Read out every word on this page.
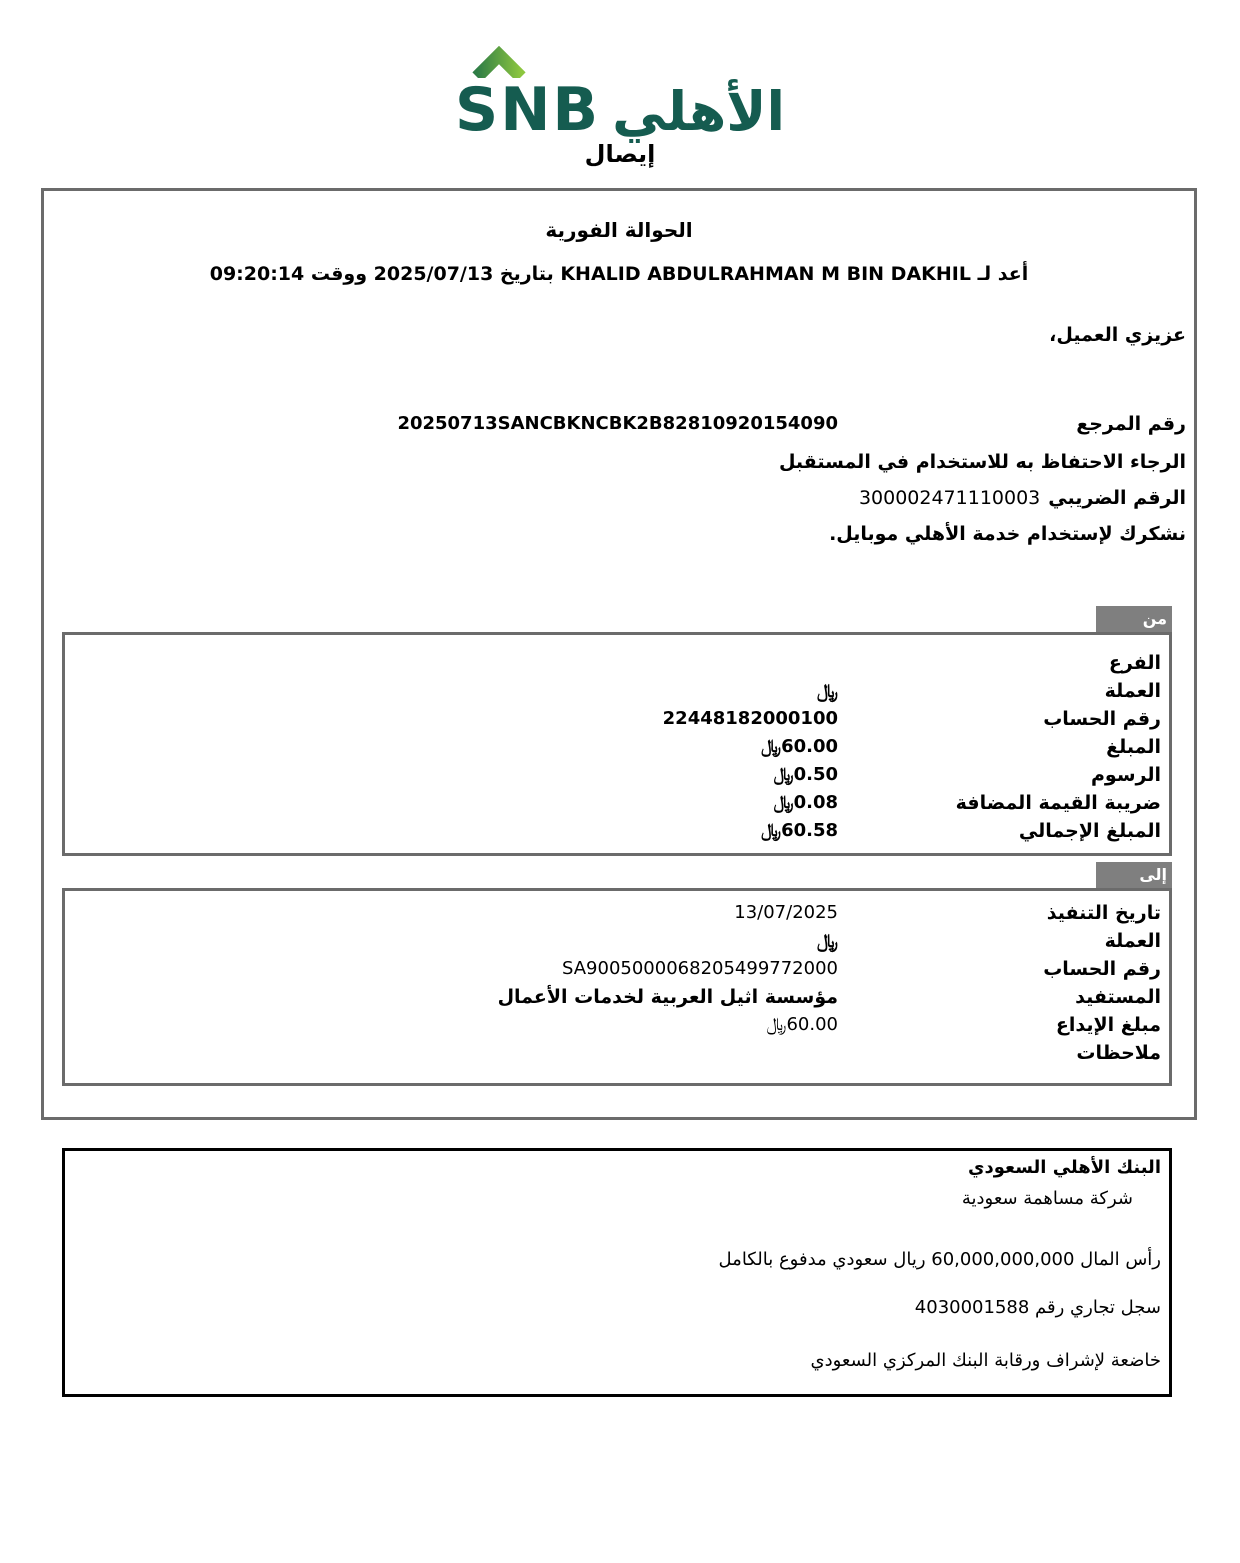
SNB الأهلي
إيصال
الحوالة الفورية
أعد لـ KHALID ABDULRAHMAN M BIN DAKHIL بتاريخ 2025/07/13 ووقت 09:20:14
عزيزي العميل،
رقم المرجع
20250713SANCBKNCBK2B82810920154090
الرجاء الاحتفاظ به للاستخدام في المستقبل
الرقم الضريبي
300002471110003
نشكرك لإستخدام خدمة الأهلي موبايل.
من
الفرع
العملة
﷼
رقم الحساب
22448182000100
المبلغ
60.00﷼
الرسوم
0.50﷼
ضريبة القيمة المضافة
0.08﷼
المبلغ الإجمالي
60.58﷼
إلى
تاريخ التنفيذ
13/07/2025
العملة
﷼
رقم الحساب
SA9005000068205499772000
المستفيد
مؤسسة اثيل العربية لخدمات الأعمال
مبلغ الإيداع
60.00﷼
ملاحظات
البنك الأهلي السعودي
شركة مساهمة سعودية
رأس المال 60,000,000,000 ريال سعودي مدفوع بالكامل
سجل تجاري رقم 4030001588
خاضعة لإشراف ورقابة البنك المركزي السعودي
